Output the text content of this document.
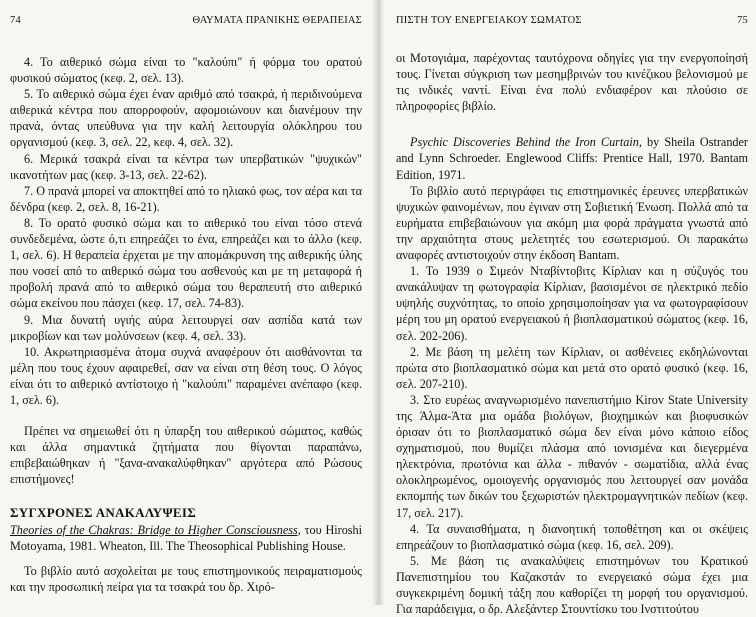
74	ΘΑΥΜΑΤΑ ΠΡΑΝΙΚΗΣ ΘΕΡΑΠΕΙΑΣ

4. Το αιθερικό σώμα είναι το "καλούπι" ή φόρμα του ορατού φυσικού σώματος (κεφ. 2, σελ. 13).

5. Το αιθερικό σώμα έχει έναν αριθμό από τσακρά, ή περιδινούμενα αιθερικά κέντρα που απορροφούν, αφομοιώνουν και διανέμουν την πρανά, όντας υπεύθυνα για την καλή λειτουργία ολόκληρου του οργανισμού (κεφ. 3, σελ. 22, κεφ. 4, σελ. 32).

6. Μερικά τσακρά είναι τα κέντρα των υπερβατικών "ψυχικών" ικανοτήτων μας (κεφ. 3-13, σελ. 22-62).

7. Ο πρανά μπορεί να αποκτηθεί από το ηλιακό φως, τον αέρα και τα δένδρα (κεφ. 2, σελ. 8, 16-21).

8. Το ορατό φυσικό σώμα και το αιθερικό του είναι τόσο στενά συνδεδεμένα, ώστε ό,τι επηρεάζει το ένα, επηρεάζει και το άλλο (κεφ. 1, σελ. 6). Η θεραπεία έρχεται με την απομάκρυνση της αιθερικής ύλης που νοσεί από το αιθερικό σώμα του ασθενούς και με τη μεταφορά ή προβολή πρανά από το αιθερικό σώμα του θεραπευτή στο αιθερικό σώμα εκείνου που πάσχει (κεφ. 17, σελ. 74-83).

9. Μια δυνατή υγιής αύρα λειτουργεί σαν ασπίδα κατά των μικροβίων και των μολύνσεων (κεφ. 4, σελ. 33).

10. Ακρωτηριασμένα άτομα συχνά αναφέρουν ότι αισθάνονται τα μέλη που τους έχουν αφαιρεθεί, σαν να είναι στη θέση τους. Ο λόγος είναι ότι το αιθερικό αντίστοιχο ή "καλούπι" παραμένει ανέπαφο (κεφ. 1, σελ. 6).

Πρέπει να σημειωθεί ότι η ύπαρξη του αιθερικού σώματος, καθώς και άλλα σημαντικά ζητήματα που θίγονται παραπάνω, επιβεβαιώθηκαν ή "ξανα-ανακαλύφθηκαν" αργότερα από Ρώσους επιστήμονες!

ΣΥΓΧΡΟΝΕΣ ΑΝΑΚΑΛΥΨΕΙΣ

Theories of the Chakras: Bridge to Higher Consciousness, του Hiroshi Motoyama, 1981. Wheaton, Ill. The Theosophical Publishing House.

Το βιβλίο αυτό ασχολείται με τους επιστημονικούς πειραματισμούς και την προσωπική πείρα για τα τσακρά του δρ. Χιρό-

ΠΙΣΤΗ ΤΟΥ ΕΝΕΡΓΕΙΑΚΟΥ ΣΩΜΑΤΟΣ	75

οι Μοτογιάμα, παρέχοντας ταυτόχρονα οδηγίες για την ενεργοποίησή τους. Γίνεται σύγκριση των μεσημβρινών του κινέζικου βελονισμού με τις ινδικές ναντί. Είναι ένα πολύ ενδιαφέρον και πλούσιο σε πληροφορίες βιβλίο.

Psychic Discoveries Behind the Iron Curtain, by Sheila Ostrander and Lynn Schroeder. Englewood Cliffs: Prentice Hall, 1970. Bantam Edition, 1971.

Το βιβλίο αυτό περιγράφει τις επιστημονικές έρευνες υπερβατικών ψυχικών φαινομένων, που έγιναν στη Σοβιετική Ένωση. Πολλά από τα ευρήματα επιβεβαιώνουν για ακόμη μια φορά πράγματα γνωστά από την αρχαιότητα στους μελετητές του εσωτερισμού. Οι παρακάτω αναφορές αντιστοιχούν στην έκδοση Bantam.

1. Το 1939 ο Σιμεόν Νταβίντοβιτς Κίρλιαν και η σύζυγός του ανακάλυψαν τη φωτογραφία Κίρλιαν, βασισμένοι σε ηλεκτρικό πεδίο υψηλής συχνότητας, το οποίο χρησιμοποίησαν για να φωτογραφίσουν μέρη του μη ορατού ενεργειακού ή βιοπλασματικού σώματος (κεφ. 16, σελ. 202-206).

2. Με βάση τη μελέτη των Κίρλιαν, οι ασθένειες εκδηλώνονται πρώτα στο βιοπλασματικό σώμα και μετά στο ορατό φυσικό (κεφ. 16, σελ. 207-210).

3. Στο ευρέως αναγνωρισμένο πανεπιστήμιο Kirov State University της Άλμα-Άτα μια ομάδα βιολόγων, βιοχημικών και βιοφυσικών όρισαν ότι το βιοπλασματικό σώμα δεν είναι μόνο κάποιο είδος σχηματισμού, που θυμίζει πλάσμα από ιονισμένα και διεγερμένα ηλεκτρόνια, πρωτόνια και άλλα - πιθανόν - σωματίδια, αλλά ένας ολοκληρωμένος, ομοιογενής οργανισμός που λειτουργεί σαν μονάδα εκπομπής των δικών του ξεχωριστών ηλεκτρομαγνητικών πεδίων (κεφ. 17, σελ. 217).

4. Τα συναισθήματα, η διανοητική τοποθέτηση και οι σκέψεις επηρεάζουν το βιοπλασματικό σώμα (κεφ. 16, σελ. 209).

5. Με βάση τις ανακαλύψεις επιστημόνων του Κρατικού Πανεπιστημίου του Καζακστάν το ενεργειακό σώμα έχει μια συγκεκριμένη δομική τάξη που καθορίζει τη μορφή του οργανισμού. Για παράδειγμα, ο δρ. Αλεξάντερ Στουντίσκυ του Ινστιτούτου
